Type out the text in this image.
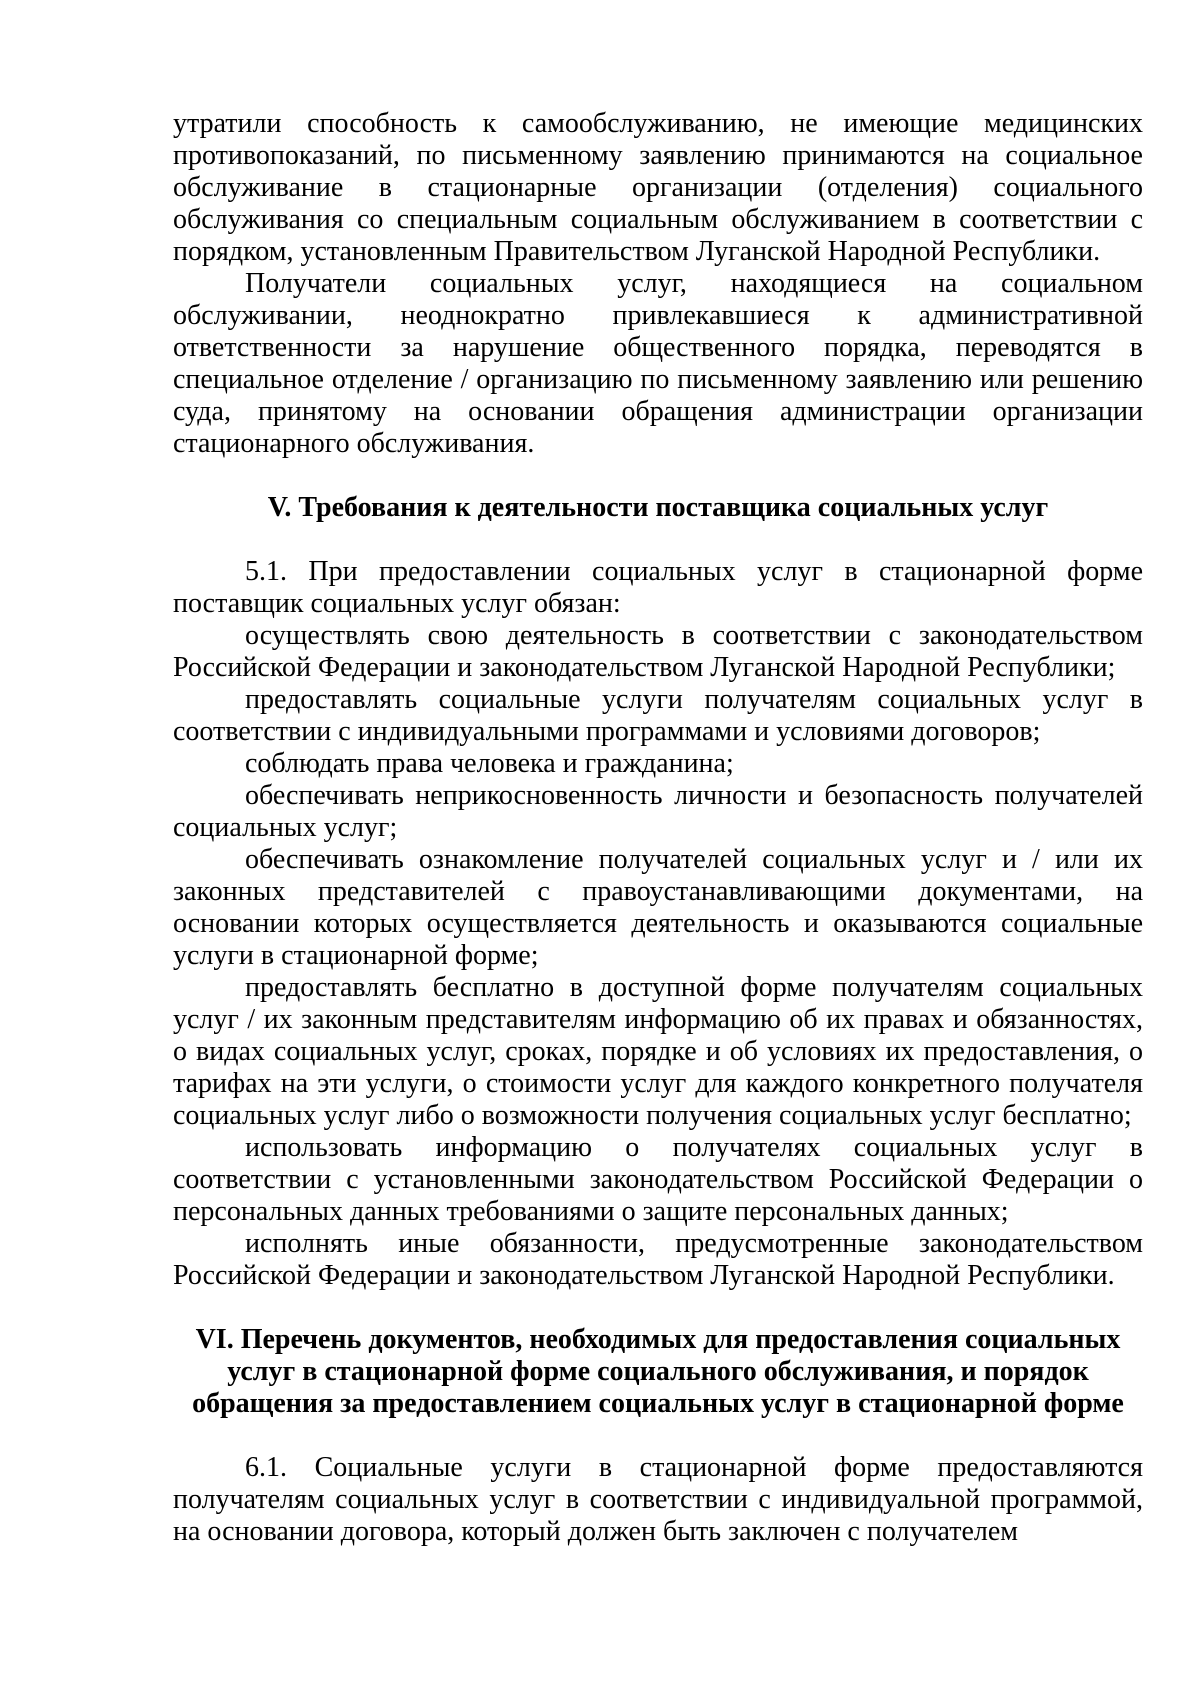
утратили способность к самообслуживанию, не имеющие медицинских противопоказаний, по письменному заявлению принимаются на социальное обслуживание в стационарные организации (отделения) социального обслуживания со специальным социальным обслуживанием в соответствии с порядком, установленным Правительством Луганской Народной Республики.

Получатели социальных услуг, находящиеся на социальном обслуживании, неоднократно привлекавшиеся к административной ответственности за нарушение общественного порядка, переводятся в специальное отделение / организацию по письменному заявлению или решению суда, принятому на основании обращения администрации организации стационарного обслуживания.

V. Требования к деятельности поставщика социальных услуг

5.1. При предоставлении социальных услуг в стационарной форме поставщик социальных услуг обязан:

осуществлять свою деятельность в соответствии с законодательством Российской Федерации и законодательством Луганской Народной Республики;

предоставлять социальные услуги получателям социальных услуг в соответствии с индивидуальными программами и условиями договоров;

соблюдать права человека и гражданина;

обеспечивать неприкосновенность личности и безопасность получателей социальных услуг;

обеспечивать ознакомление получателей социальных услуг и / или их законных представителей с правоустанавливающими документами, на основании которых осуществляется деятельность и оказываются социальные услуги в стационарной форме;

предоставлять бесплатно в доступной форме получателям социальных услуг / их законным представителям информацию об их правах и обязанностях, о видах социальных услуг, сроках, порядке и об условиях их предоставления, о тарифах на эти услуги, о стоимости услуг для каждого конкретного получателя социальных услуг либо о возможности получения социальных услуг бесплатно;

использовать информацию о получателях социальных услуг в соответствии с установленными законодательством Российской Федерации о персональных данных требованиями о защите персональных данных;

исполнять иные обязанности, предусмотренные законодательством Российской Федерации и законодательством Луганской Народной Республики.

VI. Перечень документов, необходимых для предоставления социальных
услуг в стационарной форме социального обслуживания, и порядок
обращения за предоставлением социальных услуг в стационарной форме

6.1. Социальные услуги в стационарной форме предоставляются получателям социальных услуг в соответствии с индивидуальной программой, на основании договора, который должен быть заключен с получателем
